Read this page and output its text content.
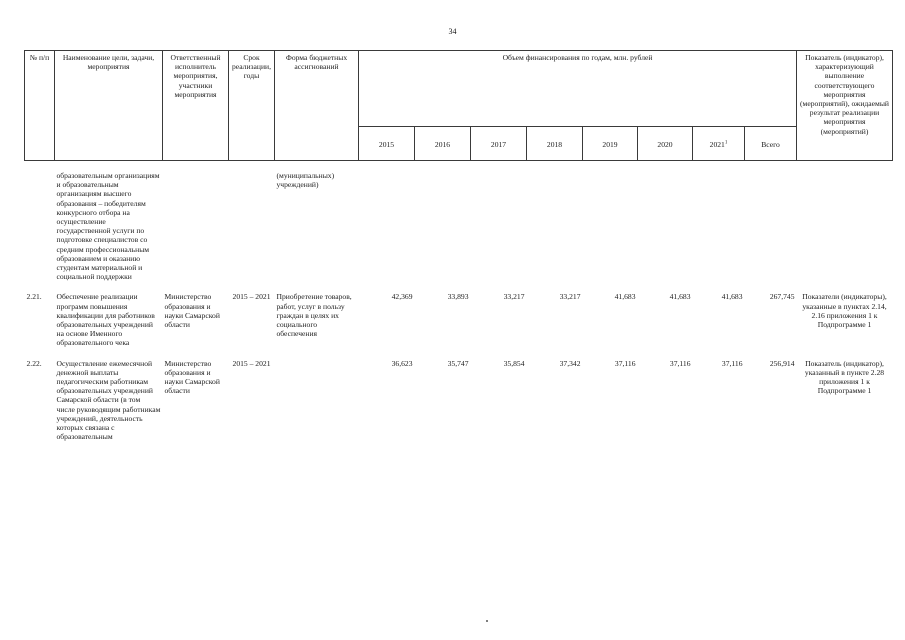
34
№ п/п	Наименование цели, задачи, мероприятия	Ответственный исполнитель мероприятия, участники мероприятия	Срок реализации, годы	Форма бюджетных ассигнований	Объем финансирования по годам, млн. рублей								Показатель (индикатор), характеризующий выполнение соответствующего мероприятия (мероприятий), ожидаемый результат реализации мероприятия (мероприятий)
					2015	2016	2017	2018	2019	2020	2021$^1$	Всего	

	образовательным организациям и образовательным организациям высшего образования – победителям конкурсного отбора на осуществление государственной услуги по подготовке специалистов со средним профессиональным образованием и оказанию студентам материальной и социальной поддержки			(муниципальных) учреждений)									

2.21.	Обеспечение реализации программ повышения квалификации для работников образовательных учреждений на основе Именного образовательного чека	Министерство образования и науки Самарской области	2015 – 2021	Приобретение товаров, работ, услуг в пользу граждан в целях их социального обеспечения	42,369	33,893	33,217	33,217	41,683	41,683	41,683	267,745	Показатели (индикаторы), указанные в пунктах 2.14, 2.16 приложения 1 к Подпрограмме 1

2.22.	Осуществление ежемесячной денежной выплаты педагогическим работникам образовательных учреждений Самарской области (в том числе руководящим работникам учреждений, деятельность которых связана с образовательным	Министерство образования и науки Самарской области	2015 – 2021		36,623	35,747	35,854	37,342	37,116	37,116	37,116	256,914	Показатель (индикатор), указанный в пункте 2.28 приложения 1 к Подпрограмме 1
